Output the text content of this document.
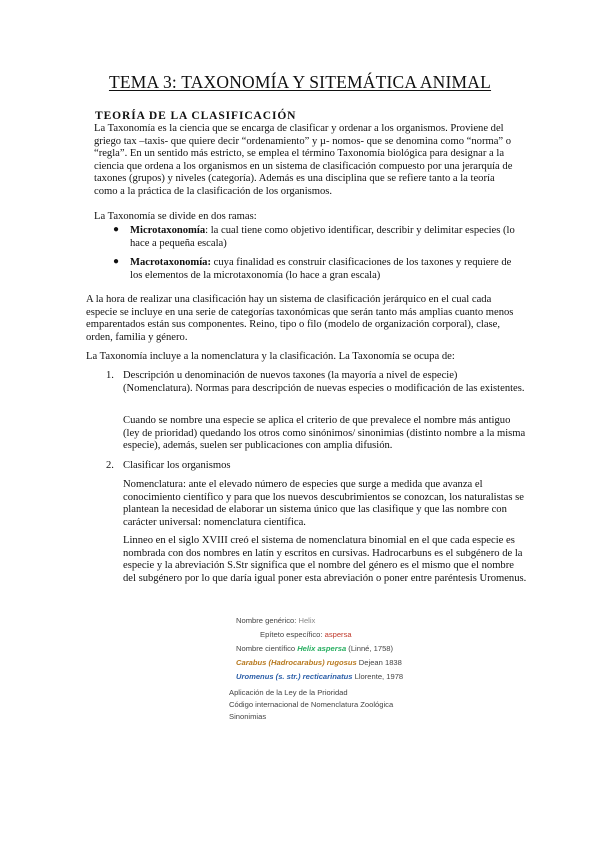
TEMA 3: TAXONOMÍA Y SITEMÁTICA ANIMAL
TEORÍA DE LA CLASIFICACIÓN
La Taxonomía es la ciencia que se encarga de clasificar y ordenar a los organismos. Proviene del griego tax –taxis- que quiere decir “ordenamiento” y µ- nomos- que se denomina como “norma” o “regla”. En un sentido más estricto, se emplea el término Taxonomía biológica para designar a la ciencia que ordena a los organismos en un sistema de clasificación compuesto por una jerarquía de taxones (grupos) y niveles (categoría). Además es una disciplina que se refiere tanto a la teoría como a la práctica de la clasificación de los organismos.
La Taxonomía se divide en dos ramas:
● Microtaxonomía: la cual tiene como objetivo identificar, describir y delimitar especies (lo hace a pequeña escala)
● Macrotaxonomía: cuya finalidad es construir clasificaciones de los taxones y requiere de los elementos de la microtaxonomía (lo hace a gran escala)
A la hora de realizar una clasificación hay un sistema de clasificación jerárquico en el cual cada especie se incluye en una serie de categorías taxonómicas que serán tanto más amplias cuanto menos emparentados están sus componentes. Reino, tipo o filo (modelo de organización corporal), clase, orden, familia y género.
La Taxonomía incluye a la nomenclatura y la clasificación. La Taxonomía se ocupa de:
1. Descripción u denominación de nuevos taxones (la mayoría a nivel de especie) (Nomenclatura). Normas para descripción de nuevas especies o modificación de las existentes.
Cuando se nombre una especie se aplica el criterio de que prevalece el nombre más antiguo (ley de prioridad) quedando los otros como sinónimos/ sinonimias (distinto nombre a la misma especie), además, suelen ser publicaciones con amplia difusión.
2. Clasificar los organismos
Nomenclatura: ante el elevado número de especies que surge a medida que avanza el conocimiento científico y para que los nuevos descubrimientos se conozcan, los naturalistas se plantean la necesidad de elaborar un sistema único que las clasifique y que las nombre con carácter universal: nomenclatura científica.
Linneo en el siglo XVIII creó el sistema de nomenclatura binomial en el que cada especie es nombrada con dos nombres en latín y escritos en cursivas. Hadrocarbuns es el subgénero de la especie y la abreviación S.Str significa que el nombre del género es el mismo que el nombre del subgénero por lo que daría igual poner esta abreviación o poner entre paréntesis Uromenus.
Nombre genérico: Helix
Epíteto específico: aspersa
Nombre científico Helix aspersa (Linné, 1758)
Carabus (Hadrocarabus) rugosus Dejean 1838
Uromenus (s. str.) recticarinatus Llorente, 1978
Aplicación de la Ley de la Prioridad
Código internacional de Nomenclatura Zoológica
Sinonimias
